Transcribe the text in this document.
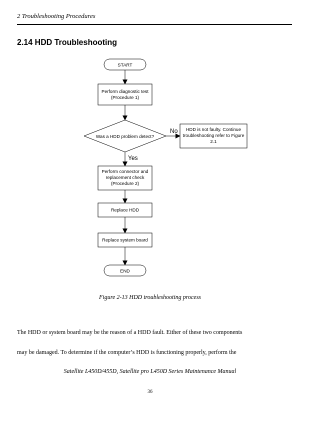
2 Troubleshooting Procedures
2.14 HDD Troubleshooting
START
Perform diagnostic test
(Procedure 1)
Was a HDD problem detect?
No HDD is not faulty. Continue
troubleshooting refer to Figure
2.1
Yes
Perform connector and
replacement check
(Procedure 2)
Replace HDD
Replace system board
END
Figure 2-13 HDD troubleshooting process
The HDD or system board may be the reason of a HDD fault. Either of these two components
may be damaged. To determine if the computer’s HDD is functioning properly, perform the
Satellite L450D/455D, Satellite pro L450D Series Maintenance Manual
36
